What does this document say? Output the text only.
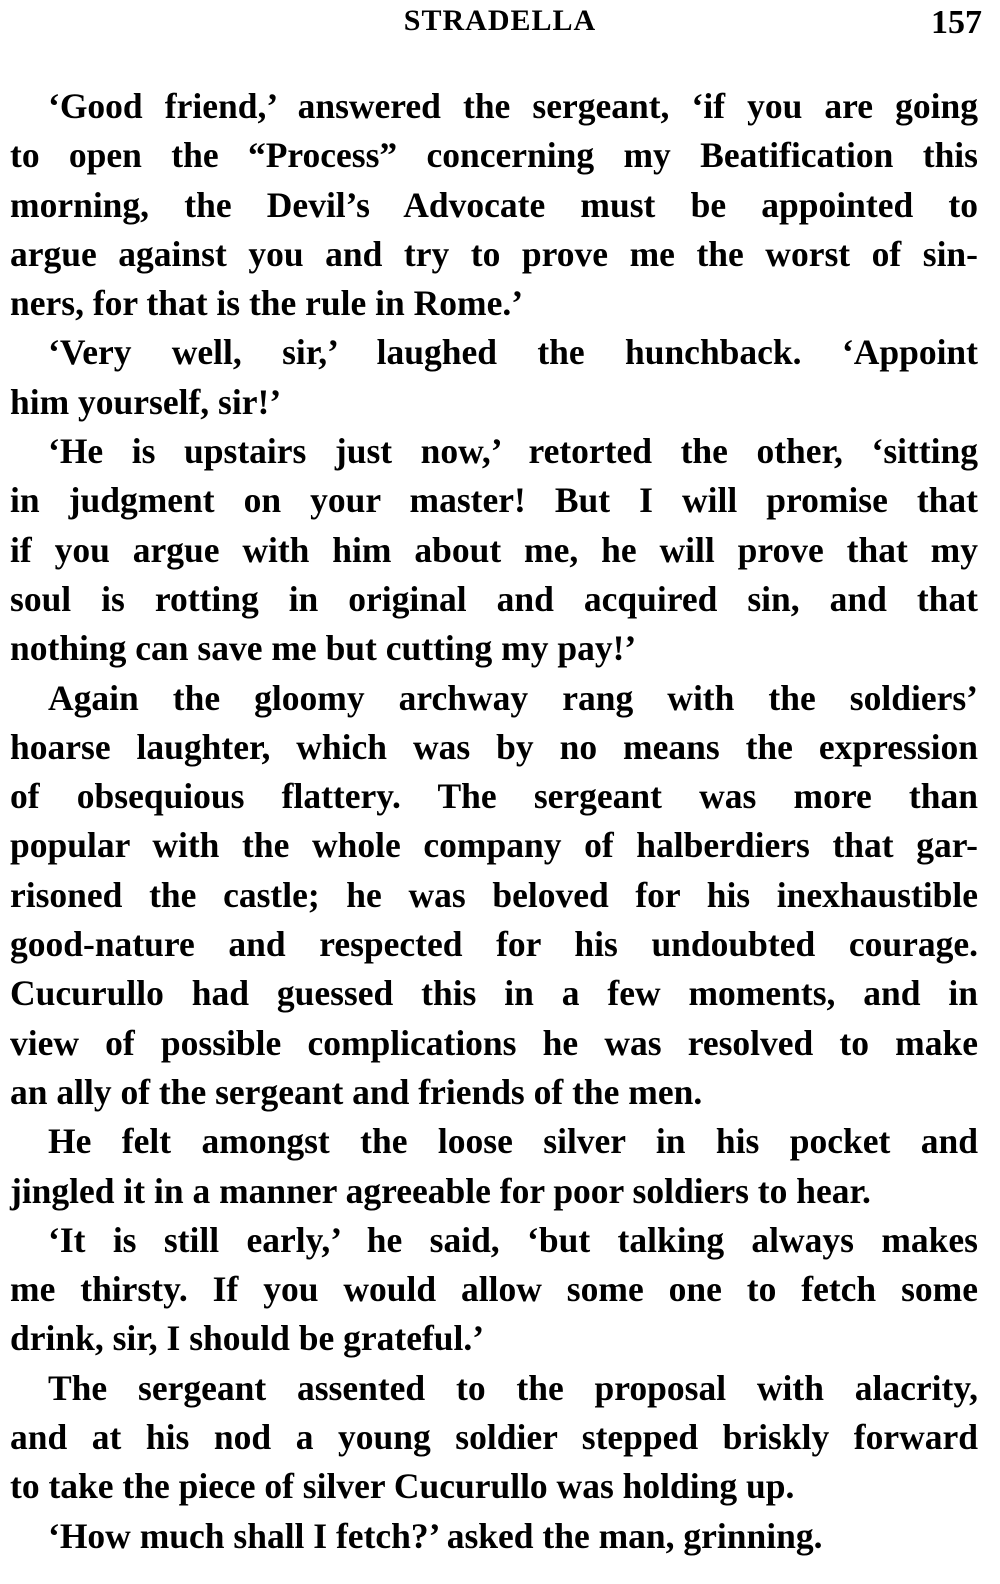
STRADELLA	157

‘Good friend,’ answered the sergeant, ‘if you are going
to open the “Process” concerning my Beatification this
morning, the Devil’s Advocate must be appointed to
argue against you and try to prove me the worst of sin-
ners, for that is the rule in Rome.’

‘Very well, sir,’ laughed the hunchback. ‘Appoint
him yourself, sir!’

‘He is upstairs just now,’ retorted the other, ‘sitting
in judgment on your master! But I will promise that
if you argue with him about me, he will prove that my
soul is rotting in original and acquired sin, and that
nothing can save me but cutting my pay!’

Again the gloomy archway rang with the soldiers’
hoarse laughter, which was by no means the expression
of obsequious flattery. The sergeant was more than
popular with the whole company of halberdiers that gar-
risoned the castle; he was beloved for his inexhaustible
good-nature and respected for his undoubted courage.
Cucurullo had guessed this in a few moments, and in
view of possible complications he was resolved to make
an ally of the sergeant and friends of the men.

He felt amongst the loose silver in his pocket and
jingled it in a manner agreeable for poor soldiers to hear.

‘It is still early,’ he said, ‘but talking always makes
me thirsty. If you would allow some one to fetch some
drink, sir, I should be grateful.’

The sergeant assented to the proposal with alacrity,
and at his nod a young soldier stepped briskly forward
to take the piece of silver Cucurullo was holding up.

‘How much shall I fetch?’ asked the man, grinning.
